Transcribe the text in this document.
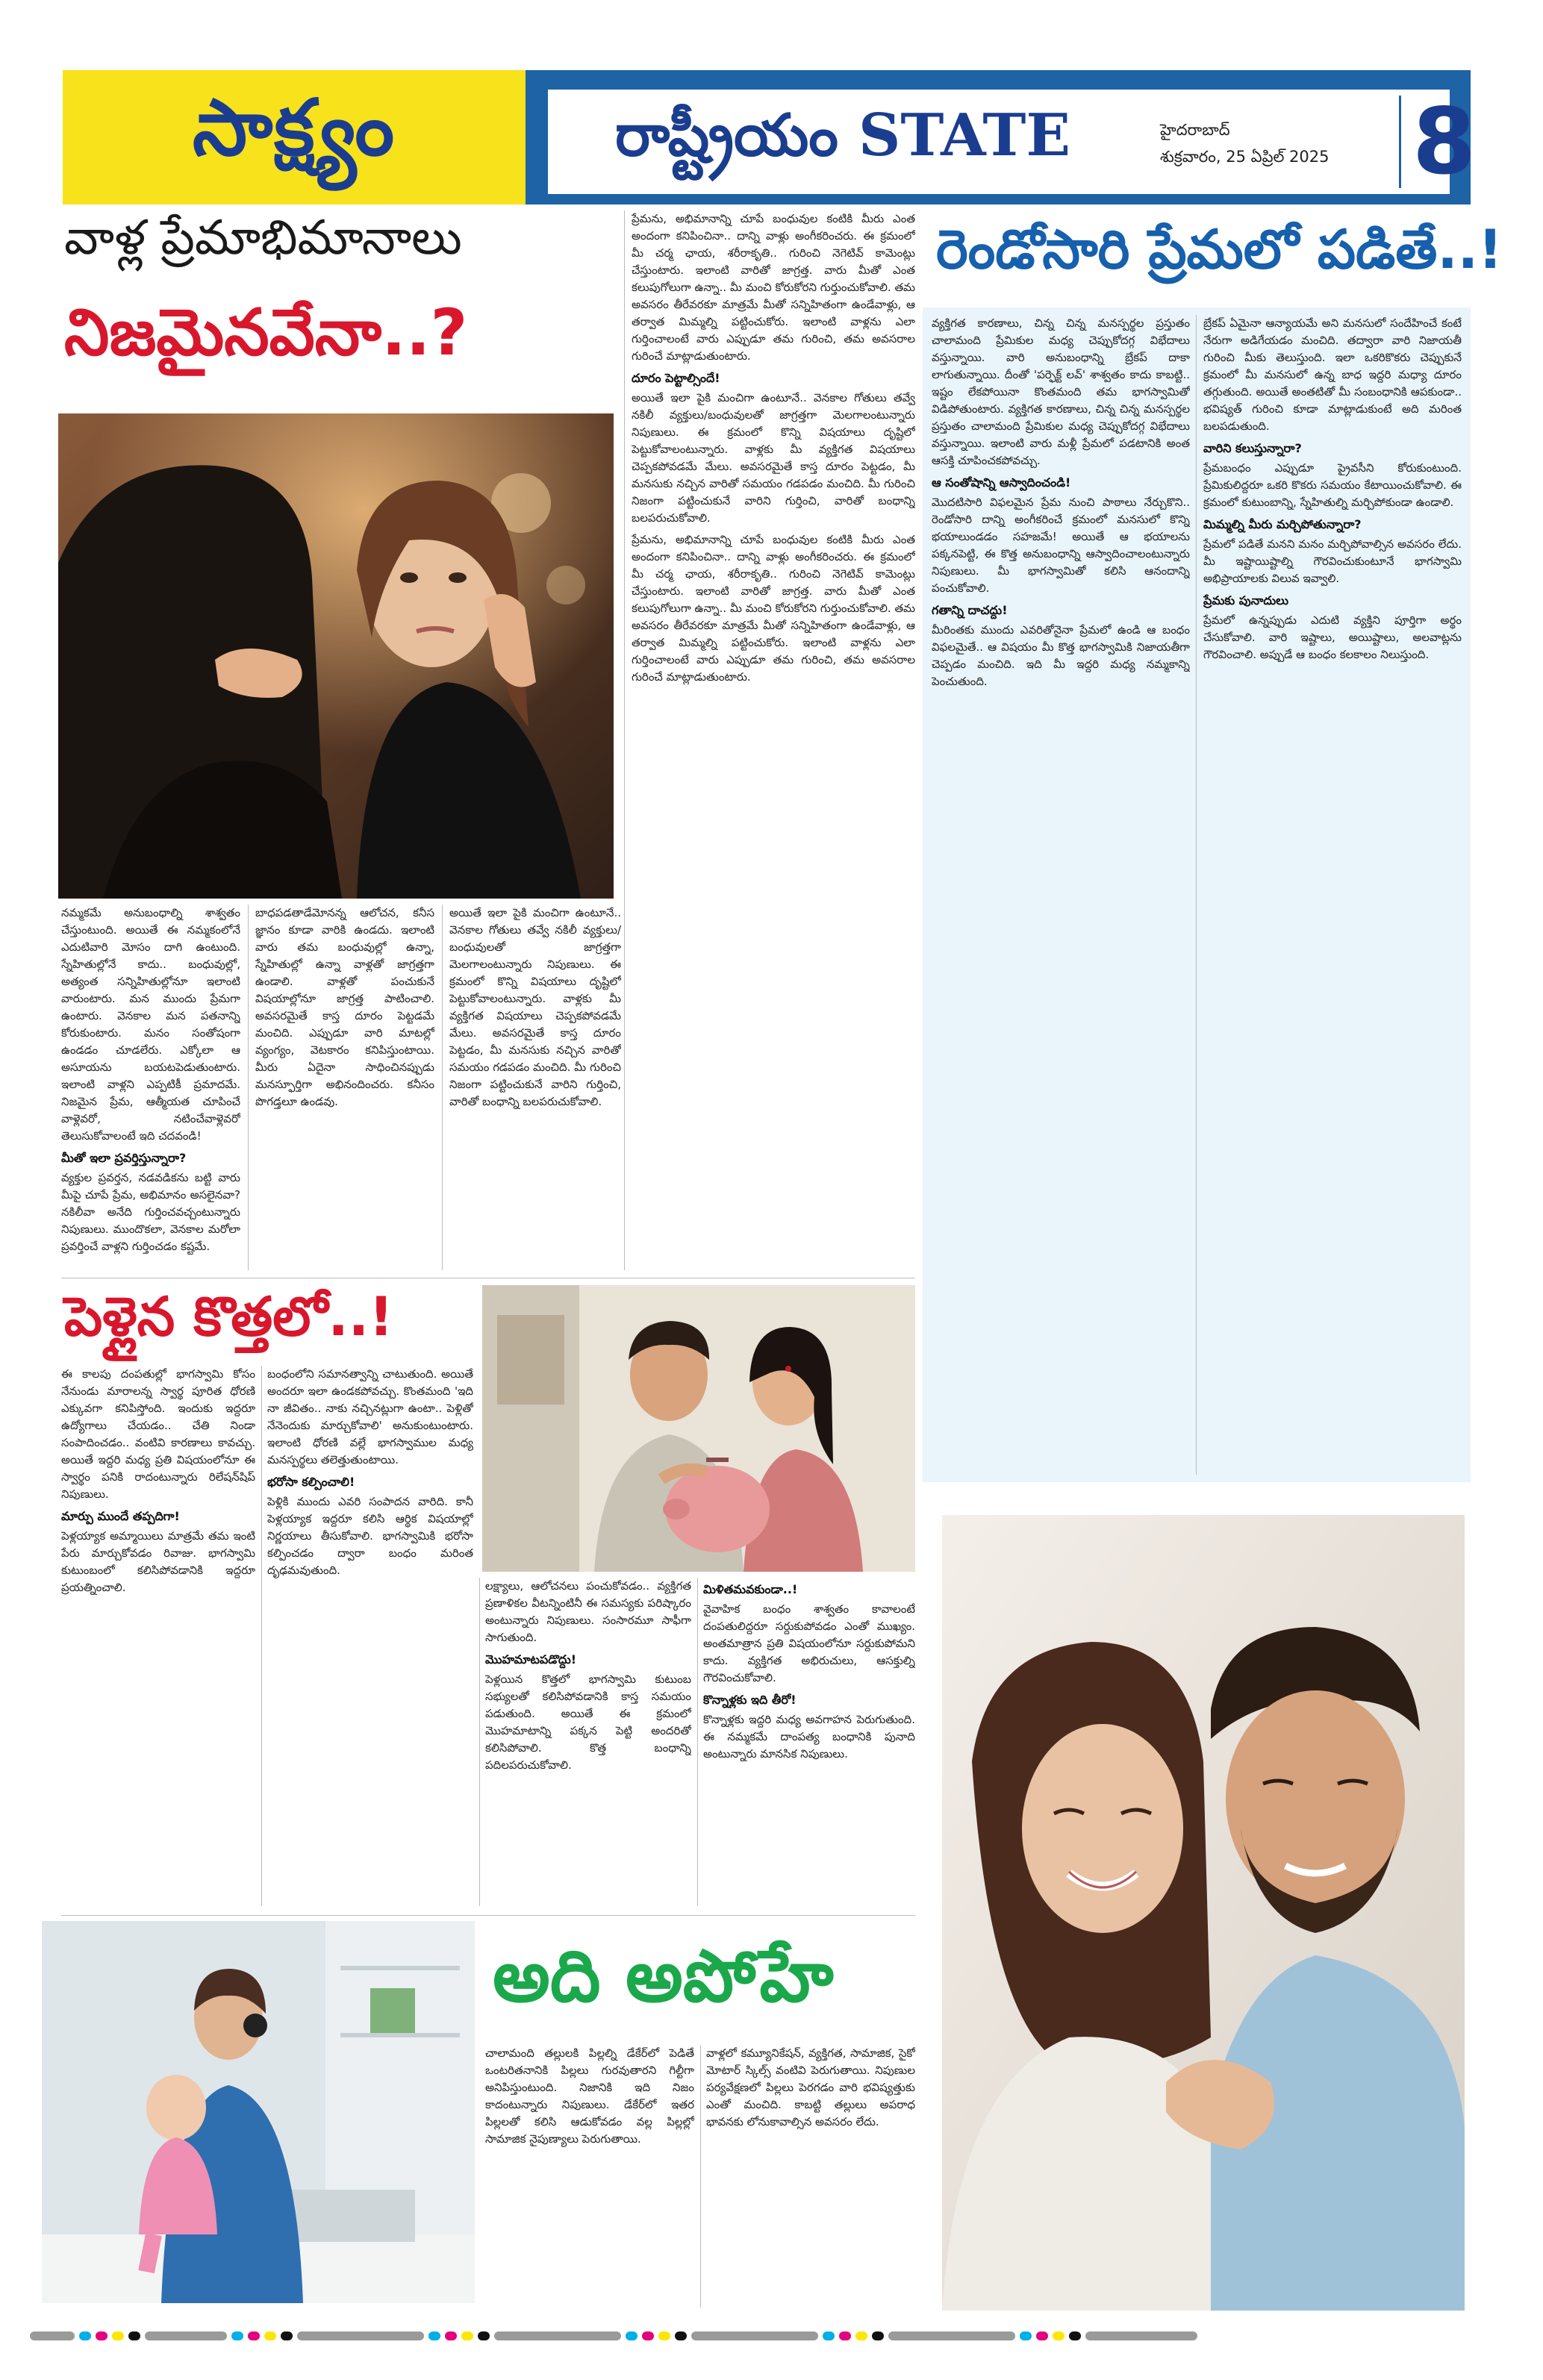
సాక్ష్యం	రాష్ట్రీయం STATE	హైదరాబాద్
శుక్రవారం, 25 ఏప్రిల్ 2025 8
వాళ్ల ప్రేమాభిమానాలు
నిజమైనవేనా..?

నమ్మకమే అనుబంధాల్ని శాశ్వతం చేస్తుంటుంది. అయితే ఈ నమ్మకంలోనే ఎదుటివారి మోసం దాగి ఉంటుంది. స్నేహితుల్లోనే కాదు.. బంధువుల్లో, అత్యంత సన్నిహితుల్లోనూ ఇలాంటి వారుంటారు. మన ముందు ప్రేమగా ఉంటారు. వెనకాల మన పతనాన్ని కోరుకుంటారు. మనం సంతోషంగా ఉండడం చూడలేరు. ఎక్కోలా ఆ అసూయను బయటపెడుతుంటారు. ఇలాంటి వాళ్లని ఎప్పటికీ ప్రమాదమే. నిజమైన ప్రేమ, ఆత్మీయత చూపించే వాళ్లెవరో, నటించేవాళ్లెవరో తెలుసుకోవాలంటే ఇది చదవండి!

మీతో ఇలా ప్రవర్తిస్తున్నారా?

వ్యక్తుల ప్రవర్తన, నడవడికను బట్టి వారు మీపై చూపే ప్రేమ, అభిమానం అసలైనవా? నకిలీవా అనేది గుర్తించవచ్చంటున్నారు నిపుణులు. ముందొకలా, వెనకాల మరోలా ప్రవర్తించే వాళ్లని గుర్తించడం కష్టమే.

బాధపడతాడేమోనన్న ఆలోచన, కనీస జ్ఞానం కూడా వారికి ఉండదు. ఇలాంటి వారు తమ బంధువుల్లో ఉన్నా, స్నేహితుల్లో ఉన్నా వాళ్లతో జాగ్రత్తగా ఉండాలి. వాళ్లతో పంచుకునే విషయాల్లోనూ జాగ్రత్త పాటించాలి. అవసరమైతే కాస్త దూరం పెట్టడమే మంచిది. ఎప్పుడూ వారి మాటల్లో వ్యంగ్యం, వెటకారం కనిపిస్తుంటాయి. మీరు ఏదైనా సాధించినప్పుడు మనస్ఫూర్తిగా అభినందించరు. కనీసం పొగడ్తలూ ఉండవు.

అయితే ఇలా పైకి మంచిగా ఉంటూనే.. వెనకాల గోతులు తవ్వే నకిలీ వ్యక్తులు/బంధువులతో జాగ్రత్తగా మెలగాలంటున్నారు నిపుణులు. ఈ క్రమంలో కొన్ని విషయాలు దృష్టిలో పెట్టుకోవాలంటున్నారు. వాళ్లకు మీ వ్యక్తిగత విషయాలు చెప్పకపోవడమే మేలు. అవసరమైతే కాస్త దూరం పెట్టడం, మీ మనసుకు నచ్చిన వారితో సమయం గడపడం మంచిది. మీ గురించి నిజంగా పట్టించుకునే వారిని గుర్తించి, వారితో బంధాన్ని బలపరుచుకోవాలి.

ప్రేమను, అభిమానాన్ని చూపే బంధువుల కంటికి మీరు ఎంత అందంగా కనిపించినా.. దాన్ని వాళ్లు అంగీకరించరు. ఈ క్రమంలో మీ చర్మ ఛాయ, శరీరాకృతి.. గురించి నెగెటివ్ కామెంట్లు చేస్తుంటారు. ఇలాంటి వారితో జాగ్రత్త. వారు మీతో ఎంత కలుపుగోలుగా ఉన్నా.. మీ మంచి కోరుకోరని గుర్తుంచుకోవాలి. తమ అవసరం తీరేవరకూ మాత్రమే మీతో సన్నిహితంగా ఉండేవాళ్లు, ఆ తర్వాత మిమ్మల్ని పట్టించుకోరు. ఇలాంటి వాళ్లను ఎలా గుర్తించాలంటే వారు ఎప్పుడూ తమ గురించి, తమ అవసరాల గురించే మాట్లాడుతుంటారు.

దూరం పెట్టాల్సిందే!

అయితే ఇలా పైకి మంచిగా ఉంటూనే.. వెనకాల గోతులు తవ్వే నకిలీ వ్యక్తులు/బంధువులతో జాగ్రత్తగా మెలగాలంటున్నారు నిపుణులు. ఈ క్రమంలో కొన్ని విషయాలు దృష్టిలో పెట్టుకోవాలంటున్నారు. వాళ్లకు మీ వ్యక్తిగత విషయాలు చెప్పకపోవడమే మేలు. అవసరమైతే కాస్త దూరం పెట్టడం, మీ మనసుకు నచ్చిన వారితో సమయం గడపడం మంచిది. మీ గురించి నిజంగా పట్టించుకునే వారిని గుర్తించి, వారితో బంధాన్ని బలపరుచుకోవాలి.

ప్రేమను, అభిమానాన్ని చూపే బంధువుల కంటికి మీరు ఎంత అందంగా కనిపించినా.. దాన్ని వాళ్లు అంగీకరించరు. ఈ క్రమంలో మీ చర్మ ఛాయ, శరీరాకృతి.. గురించి నెగెటివ్ కామెంట్లు చేస్తుంటారు. ఇలాంటి వారితో జాగ్రత్త. వారు మీతో ఎంత కలుపుగోలుగా ఉన్నా.. మీ మంచి కోరుకోరని గుర్తుంచుకోవాలి. తమ అవసరం తీరేవరకూ మాత్రమే మీతో సన్నిహితంగా ఉండేవాళ్లు, ఆ తర్వాత మిమ్మల్ని పట్టించుకోరు. ఇలాంటి వాళ్లను ఎలా గుర్తించాలంటే వారు ఎప్పుడూ తమ గురించి, తమ అవసరాల గురించే మాట్లాడుతుంటారు.

రెండోసారి ప్రేమలో పడితే..!

వ్యక్తిగత కారణాలు, చిన్న చిన్న మనస్పర్థల ప్రస్తుతం చాలామంది ప్రేమికుల మధ్య చెప్పుకోదగ్గ విభేదాలు వస్తున్నాయి. వారి అనుబంధాన్ని బ్రేకప్ దాకా లాగుతున్నాయి. దీంతో 'పర్ఫెక్ట్ లవ్' శాశ్వతం కాదు కాబట్టి.. ఇష్టం లేకపోయినా కొంతమంది తమ భాగస్వామితో విడిపోతుంటారు. వ్యక్తిగత కారణాలు, చిన్న చిన్న మనస్పర్థల ప్రస్తుతం చాలామంది ప్రేమికుల మధ్య చెప్పుకోదగ్గ విభేదాలు వస్తున్నాయి. ఇలాంటి వారు మళ్లీ ప్రేమలో పడటానికి అంత ఆసక్తి చూపించకపోవచ్చు.

ఆ సంతోషాన్ని ఆస్వాదించండి!

మొదటిసారి విఫలమైన ప్రేమ నుంచి పాఠాలు నేర్చుకొని.. రెండోసారి దాన్ని అంగీకరించే క్రమంలో మనసులో కొన్ని భయాలుండడం సహజమే! అయితే ఆ భయాలను పక్కనపెట్టి, ఈ కొత్త అనుబంధాన్ని ఆస్వాదించాలంటున్నారు నిపుణులు. మీ భాగస్వామితో కలిసి ఆనందాన్ని పంచుకోవాలి.

గతాన్ని దాచద్దు!

మీరింతకు ముందు ఎవరితోనైనా ప్రేమలో ఉండి ఆ బంధం విఫలమైతే.. ఆ విషయం మీ కొత్త భాగస్వామికి నిజాయతీగా చెప్పడం మంచిది. ఇది మీ ఇద్దరి మధ్య నమ్మకాన్ని పెంచుతుంది.

బ్రేకప్ ఏమైనా ఆన్యాయమే అని మనసులో సందేహించే కంటే నేరుగా అడిగేయడం మంచిది. తద్వారా వారి నిజాయతీ గురించి మీకు తెలుస్తుంది. ఇలా ఒకరికొకరు చెప్పుకునే క్రమంలో మీ మనసులో ఉన్న బాధ ఇద్దరి మధ్యా దూరం తగ్గుతుంది. అయితే అంతటితో మీ సంబంధానికి ఆపకుండా.. భవిష్యత్ గురించి కూడా మాట్లాడుకుంటే అది మరింత బలపడుతుంది.

వారిని కలుస్తున్నారా?

ప్రేమబంధం ఎప్పుడూ ప్రైవసీని కోరుకుంటుంది. ప్రేమికులిద్దరూ ఒకరి కొకరు సమయం కేటాయించుకోవాలి. ఈ క్రమంలో కుటుంబాన్ని, స్నేహితుల్ని మర్చిపోకుండా ఉండాలి.

మిమ్మల్ని మీరు మర్చిపోతున్నారా?

ప్రేమలో పడితే మనని మనం మర్చిపోవాల్సిన అవసరం లేదు. మీ ఇష్టాయిష్టాల్ని గౌరవించుకుంటూనే భాగస్వామి అభిప్రాయాలకు విలువ ఇవ్వాలి.

ప్రేమకు పునాదులు

ప్రేమలో ఉన్నప్పుడు ఎదుటి వ్యక్తిని పూర్తిగా అర్థం చేసుకోవాలి. వారి ఇష్టాలు, అయిష్టాలు, అలవాట్లను గౌరవించాలి. అప్పుడే ఆ బంధం కలకాలం నిలుస్తుంది.

పెళ్లైన కొత్తలో..!

ఈ కాలపు దంపతుల్లో భాగస్వామి కోసం నేనుండు మారాలన్న స్వార్థ పూరిత ధోరణి ఎక్కువగా కనిపిస్తోంది. ఇందుకు ఇద్దరూ ఉద్యోగాలు చేయడం.. చేతి నిండా సంపాదించడం.. వంటివి కారణాలు కావచ్చు. అయితే ఇద్దరి మధ్య ప్రతి విషయంలోనూ ఈ స్వార్థం పనికి రాదంటున్నారు రిలేషన్‌షిప్ నిపుణులు.

మార్పు ముందే తప్పదిగా!

పెళ్లయ్యాక అమ్మాయిలు మాత్రమే తమ ఇంటి పేరు మార్చుకోవడం రివాజు. భాగస్వామి కుటుంబంలో కలిసిపోవడానికి ఇద్దరూ ప్రయత్నించాలి.

బంధంలోని సమానత్వాన్ని చాటుతుంది. అయితే అందరూ ఇలా ఉండకపోవచ్చు. కొంతమంది 'ఇది నా జీవితం.. నాకు నచ్చినట్లుగా ఉంటా.. పెళ్లితో నేనెందుకు మార్చుకోవాలి' అనుకుంటుంటారు. ఇలాంటి ధోరణి వల్లే భాగస్వాముల మధ్య మనస్పర్థలు తలెత్తుతుంటాయి.

భరోసా కల్పించాలి!

పెళ్లికి ముందు ఎవరి సంపాదన వారిది. కానీ పెళ్లయ్యాక ఇద్దరూ కలిసి ఆర్థిక విషయాల్లో నిర్ణయాలు తీసుకోవాలి. భాగస్వామికి భరోసా కల్పించడం ద్వారా బంధం మరింత దృఢమవుతుంది.

లక్ష్యాలు, ఆలోచనలు పంచుకోవడం.. వ్యక్తిగత ప్రణాళికల వీటన్నింటినీ ఈ సమస్యకు పరిష్కారం అంటున్నారు నిపుణులు. సంసారమూ సాఫీగా సాగుతుంది.

మొహమాటపడొద్దు!

పెళ్లయిన కొత్తలో భాగస్వామి కుటుంబ సభ్యులతో కలిసిపోవడానికి కాస్త సమయం పడుతుంది. అయితే ఈ క్రమంలో మొహమాటాన్ని పక్కన పెట్టి అందరితో కలిసిపోవాలి. కొత్త బంధాన్ని పదిలపరుచుకోవాలి.

మిళితమవకుండా..!

వైవాహిక బంధం శాశ్వతం కావాలంటే దంపతులిద్దరూ సర్దుకుపోవడం ఎంతో ముఖ్యం. అంతమాత్రాన ప్రతి విషయంలోనూ సర్దుకుపోమని కాదు. వ్యక్తిగత అభిరుచులు, ఆసక్తుల్ని గౌరవించుకోవాలి.

కొన్నాళ్లకు ఇది తీరో!

కొన్నాళ్లకు ఇద్దరి మధ్య అవగాహన పెరుగుతుంది. ఈ నమ్మకమే దాంపత్య బంధానికి పునాది అంటున్నారు మానసిక నిపుణులు.

అది అపోహే

చాలామంది తల్లులకి పిల్లల్ని డేకేర్‌లో పెడితే ఒంటరితనానికి పిల్లలు గురవుతారని గిల్టీగా అనిపిస్తుంటుంది. నిజానికి ఇది నిజం కాదంటున్నారు నిపుణులు. డేకేర్‌లో ఇతర పిల్లలతో కలిసి ఆడుకోవడం వల్ల పిల్లల్లో సామాజిక నైపుణ్యాలు పెరుగుతాయి.

వాళ్లలో కమ్యూనికేషన్, వ్యక్తిగత, సామాజిక, సైకో మోటార్ స్కిల్స్ వంటివి పెరుగుతాయి. నిపుణుల పర్యవేక్షణలో పిల్లలు పెరగడం వారి భవిష్యత్తుకు ఎంతో మంచిది. కాబట్టి తల్లులు అపరాధ భావనకు లోనుకావాల్సిన అవసరం లేదు.
